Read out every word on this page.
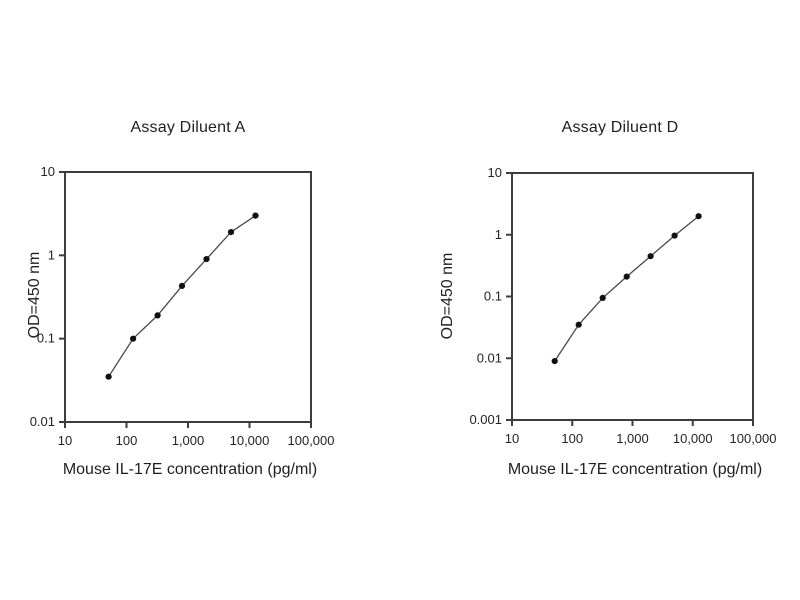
Assay Diluent A	Assay Diluent D
10	100	1,000 10,000 100,000
0.01
0.1
1
10
10	100	1,000 10,000 100,000
0.001
0.01
0.1
1
10
OD=450 nm	OD=450 nm
Mouse IL-17E concentration (pg/ml)	Mouse IL-17E concentration (pg/ml)
